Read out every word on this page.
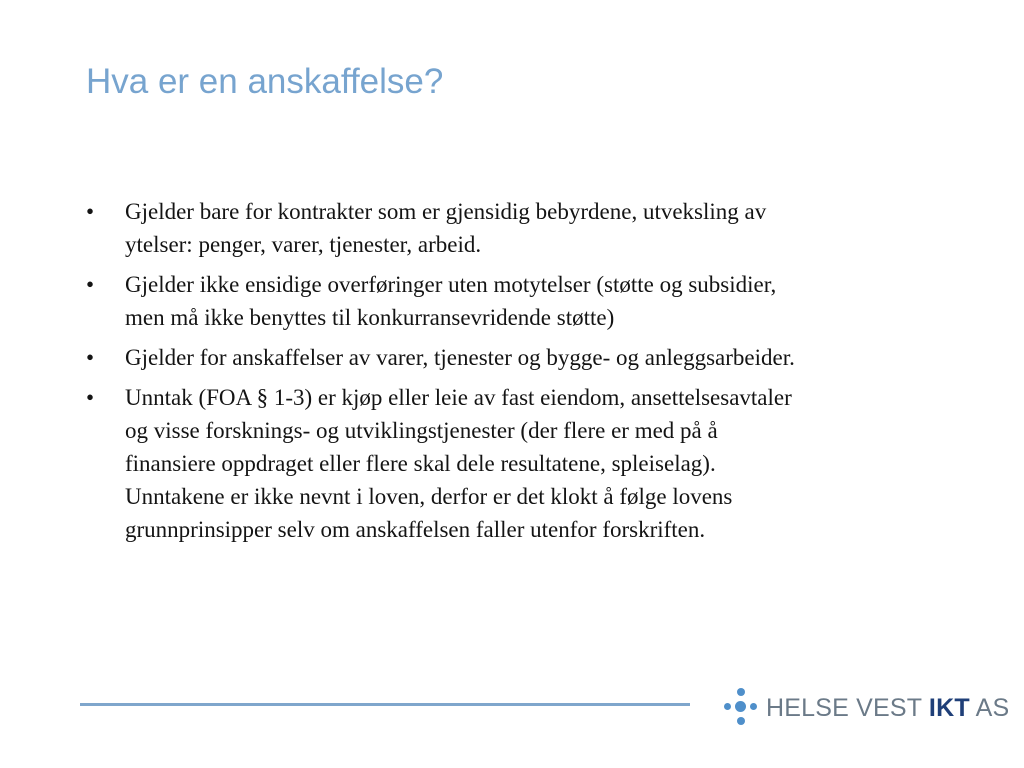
Hva er en anskaffelse?
• Gjelder bare for kontrakter som er gjensidig bebyrdene, utveksling av
ytelser: penger, varer, tjenester, arbeid.
• Gjelder ikke ensidige overføringer uten motytelser (støtte og subsidier,
men må ikke benyttes til konkurransevridende støtte)
• Gjelder for anskaffelser av varer, tjenester og bygge- og anleggsarbeider.
• Unntak (FOA § 1-3) er kjøp eller leie av fast eiendom, ansettelsesavtaler
og visse forsknings- og utviklingstjenester (der flere er med på å
finansiere oppdraget eller flere skal dele resultatene, spleiselag).
Unntakene er ikke nevnt i loven, derfor er det klokt å følge lovens
grunnprinsipper selv om anskaffelsen faller utenfor forskriften.
HELSE VEST IKT AS
